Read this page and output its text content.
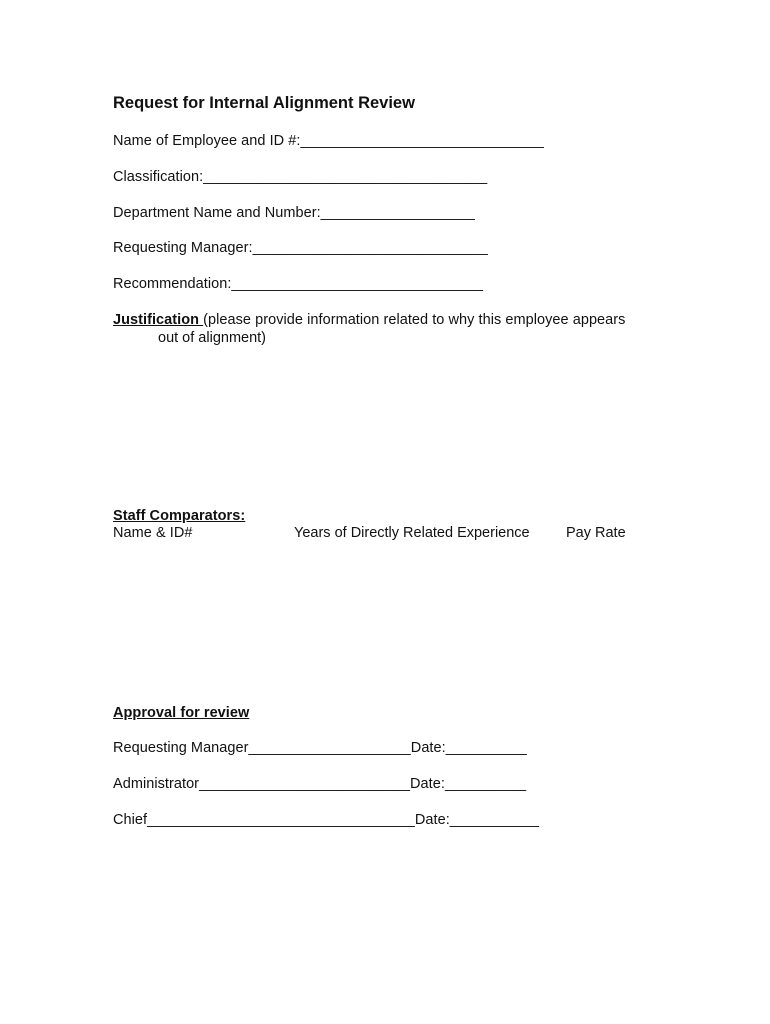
Request for Internal Alignment Review
Name of Employee and ID #:______________________________
Classification:___________________________________
Department Name and Number:___________________
Requesting Manager:_____________________________
Recommendation:_______________________________
Justification (please provide information related to why this employee appears
out of alignment)
Staff Comparators:
Name & ID#	Years of Directly Related Experience	Pay Rate
Approval for review
Requesting Manager____________________Date:__________
Administrator__________________________Date:__________
Chief_________________________________Date:___________
